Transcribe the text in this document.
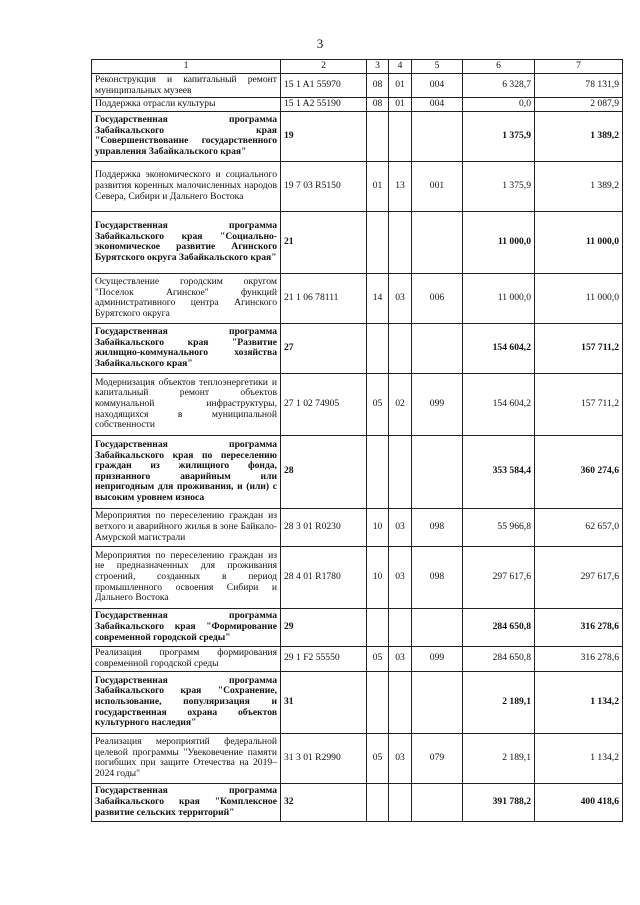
3
1	2	3	4	5	6	7
Реконструкция и капитальный ремонт муниципальных музеев	15 1 A1 55970	08	01	004	6 328,7	78 131,9
Поддержка отрасли культуры	15 1 A2 55190	08	01	004	0,0	2 087,9
Государственная программа Забайкальского края "Совершенствование государственного управления Забайкальского края"	19				1 375,9	1 389,2
Поддержка экономического и социального развития коренных малочисленных народов Севера, Сибири и Дальнего Востока	19 7 03 R5150	01	13	001	1 375,9	1 389,2
Государственная программа Забайкальского края "Социально-экономическое развитие Агинского Бурятского округа Забайкальского края"	21				11 000,0	11 000,0
Осуществление городским округом "Поселок Агинское" функций административного центра Агинского Бурятского округа	21 1 06 78111	14	03	006	11 000,0	11 000,0
Государственная программа Забайкальского края "Развитие жилищно-коммунального хозяйства Забайкальского края"	27				154 604,2	157 711,2
Модернизация объектов теплоэнергетики и капитальный ремонт объектов коммунальной инфраструктуры, находящихся в муниципальной собственности	27 1 02 74905	05	02	099	154 604,2	157 711,2
Государственная программа Забайкальского края по переселению граждан из жилищного фонда, признанного аварийным или непригодным для проживания, и (или) с высоким уровнем износа	28				353 584,4	360 274,6
Мероприятия по переселению граждан из ветхого и аварийного жилья в зоне Байкало-Амурской магистрали	28 3 01 R0230	10	03	098	55 966,8	62 657,0
Мероприятия по переселению граждан из не предназначенных для проживания строений, созданных в период промышленного освоения Сибири и Дальнего Востока	28 4 01 R1780	10	03	098	297 617,6	297 617,6
Государственная программа Забайкальского края "Формирование современной городской среды"	29				284 650,8	316 278,6
Реализация программ формирования современной городской среды	29 1 F2 55550	05	03	099	284 650,8	316 278,6
Государственная программа Забайкальского края "Сохранение, использование, популяризация и государственная охрана объектов культурного наследия"	31				2 189,1	1 134,2
Реализация мероприятий федеральной целевой программы "Увековечение памяти погибших при защите Отечества на 2019–2024 годы"	31 3 01 R2990	05	03	079	2 189,1	1 134,2
Государственная программа Забайкальского края "Комплексное развитие сельских территорий"	32				391 788,2	400 418,6
